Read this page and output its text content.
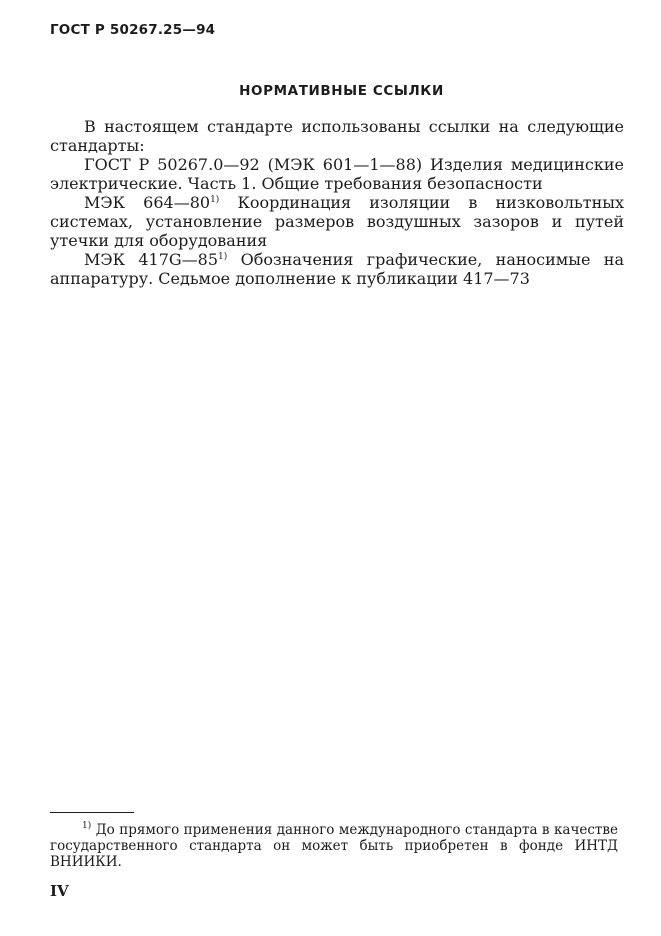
ГОСТ Р 50267.25—94
НОРМАТИВНЫЕ ССЫЛКИ

В настоящем стандарте использованы ссылки на следующие стандарты:

ГОСТ Р 50267.0—92 (МЭК 601—1—88) Изделия медицинские электрические. Часть 1. Общие требования безопасности

МЭК 664—80$^{1)}$ Координация изоляции в низковольтных системах, установление размеров воздушных зазоров и путей утечки для оборудования

МЭК 417G—85$^{1)}$ Обозначения графические, наносимые на аппаратуру. Седьмое дополнение к публикации 417—73

$^{1)}$ До прямого применения данного международного стандарта в качестве государственного стандарта он может быть приобретен в фонде ИНТД ВНИИКИ.

IV
